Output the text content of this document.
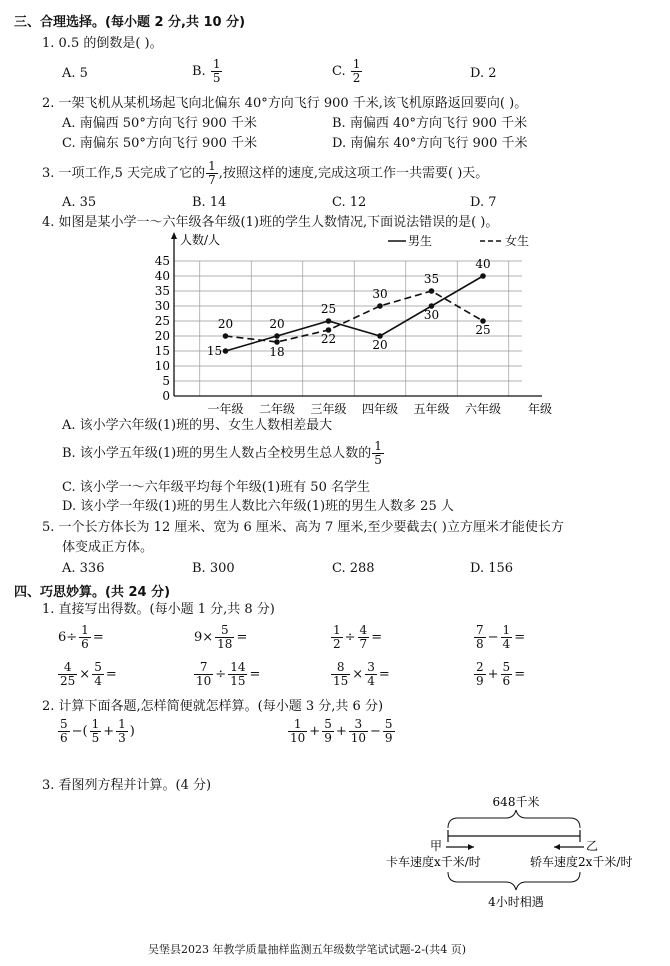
三、合理选择。(每小题 2 分,共 10 分)
1. 0.5 的倒数是( )。
A. 5	B. $\frac{1}{5}$	C. $\frac{1}{2}$	D. 2
2. 一架飞机从某机场起飞向北偏东 40°方向飞行 900 千米,该飞机原路返回要向( )。
A. 南偏西 50°方向飞行 900 千米	B. 南偏西 40°方向飞行 900 千米
C. 南偏东 50°方向飞行 900 千米	D. 南偏东 40°方向飞行 900 千米
3. 一项工作,5 天完成了它的 $\frac{1}{7}$ ,按照这样的速度,完成这项工作一共需要( )天。
A. 35	B. 14	C. 12	D. 7
4. 如图是某小学一～六年级各年级(1)班的学生人数情况,下面说法错误的是( )。
人数/人
年级
男生	女生
0
5
10
15
20
25
30
35
40
45
一年级 二年级 三年级 四年级 五年级 六年级
15
20
25
20
30
40
20
18
22
30
35
25
A. 该小学六年级(1)班的男、女生人数相差最大
B. 该小学五年级(1)班的男生人数占全校男生总人数的 $\frac{1}{5}$
C. 该小学一～六年级平均每个年级(1)班有 50 名学生
D. 该小学一年级(1)班的男生人数比六年级(1)班的男生人数多 25 人
5. 一个长方体长为 12 厘米、宽为 6 厘米、高为 7 厘米,至少要截去( )立方厘米才能使长方
体变成正方体。
A. 336	B. 300	C. 288	D. 156
四、巧思妙算。(共 24 分)
1. 直接写出得数。(每小题 1 分,共 8 分)
$6\div \frac{1}{6}$ =	$9\times \frac{5}{18}$ =	$\frac{1}{2} \div \frac{4}{7}$ =	$\frac{7}{8} - \frac{1}{4}$ =
$\frac{4}{25} \times \frac{5}{4}$ =	$\frac{7}{10} \div \frac{14}{15}$ =	$\frac{8}{15} \times \frac{3}{4}$ =	$\frac{2}{9} + \frac{5}{6}$ =
2. 计算下面各题,怎样简便就怎样算。(每小题 3 分,共 6 分)
$\frac{5}{6}$ −( $\frac{1}{5} + \frac{1}{3}$ )	$\frac{1}{10} + \frac{5}{9} + \frac{3}{10} - \frac{5}{9}$
3. 看图列方程并计算。(4 分)
648千米
甲	乙
卡车速度x千米/时	轿车速度2x千米/时
4小时相遇
吴堡县2023 年教学质量抽样监测五年级数学笔试试题-2-(共4 页)
